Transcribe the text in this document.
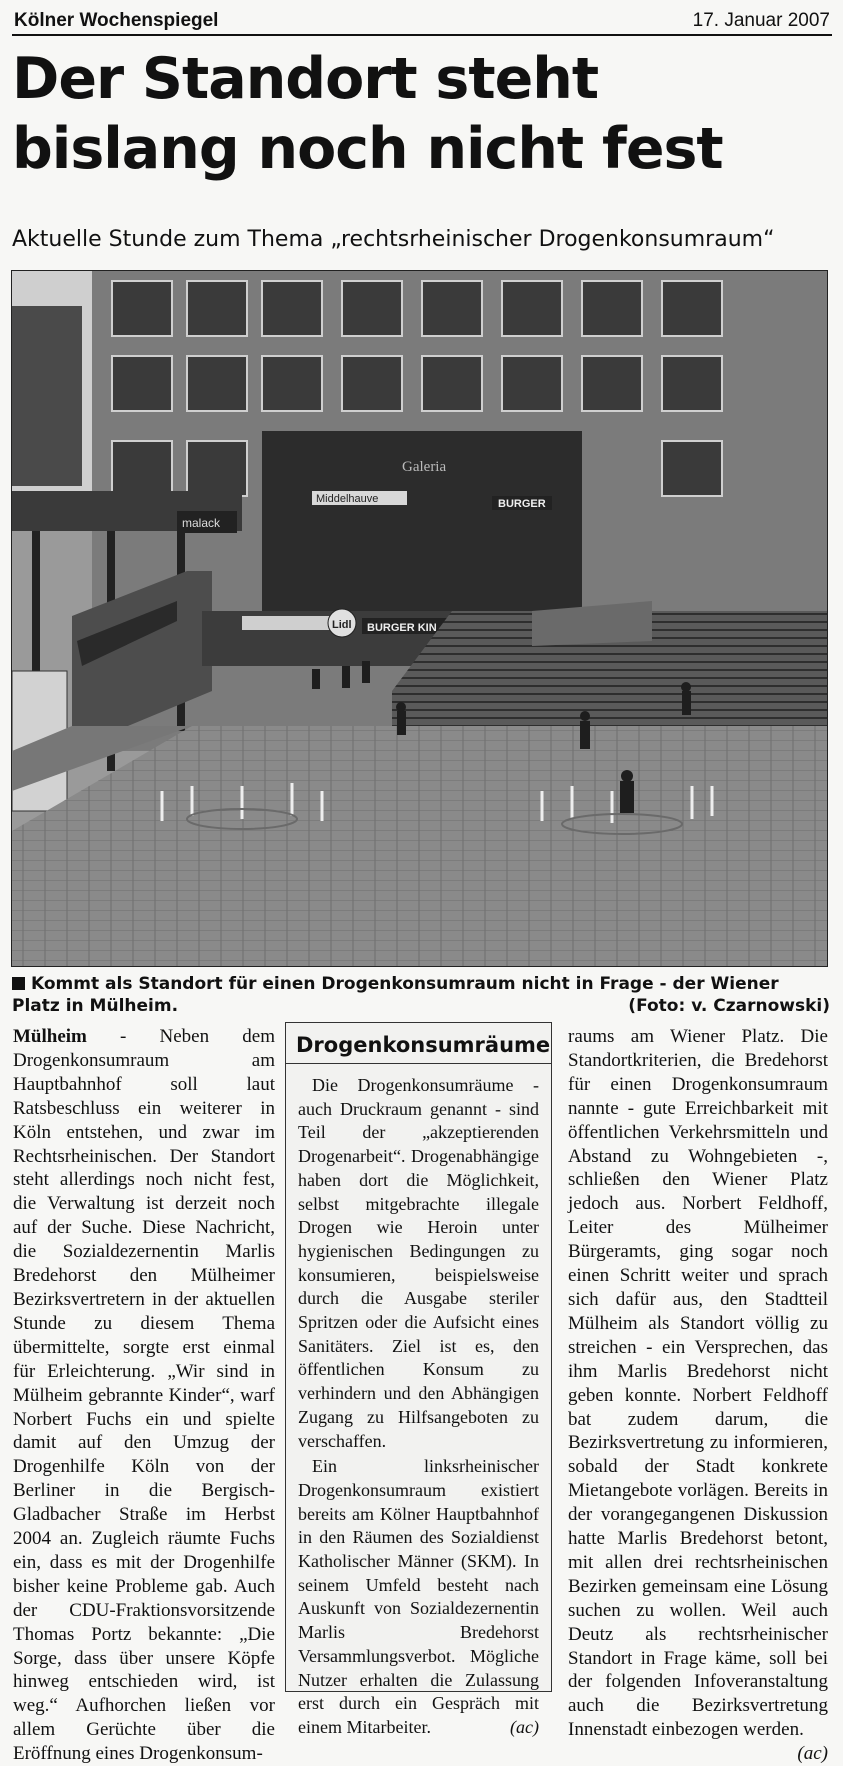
Kölner Wochenspiegel	17. Januar 2007
Der Standort steht
bislang noch nicht fest
Aktuelle Stunde zum Thema „rechtsrheinischer Drogenkonsumraum“
Middelhauve	BURGER
Galeria
malack
Lidl BURGER KIN
Kommt als Standort für einen Drogenkonsumraum nicht in Frage - der Wiener Platz in Mülheim.	(Foto: v. Czarnowski)

Mülheim - Neben dem Drogenkonsumraum am Hauptbahnhof soll laut Ratsbeschluss ein weiterer in Köln entstehen, und zwar im Rechtsrheinischen. Der Standort steht allerdings noch nicht fest, die Verwaltung ist derzeit noch auf der Suche. Diese Nachricht, die Sozialdezernentin Marlis Bredehorst den Mülheimer Bezirksvertretern in der aktuellen Stunde zu diesem Thema übermittelte, sorgte erst einmal für Erleichterung. „Wir sind in Mülheim gebrannte Kinder“, warf Norbert Fuchs ein und spielte damit auf den Umzug der Drogenhilfe Köln von der Berliner in die Bergisch-Gladbacher Straße im Herbst 2004 an. Zugleich räumte Fuchs ein, dass es mit der Drogenhilfe bisher keine Probleme gab. Auch der CDU-Fraktionsvorsitzende Thomas Portz bekannte: „Die Sorge, dass über unsere Köpfe hinweg entschieden wird, ist weg.“ Aufhorchen ließen vor allem Gerüchte über die Eröffnung eines Drogenkonsum-

Drogenkonsumräume

Die Drogenkonsumräume - auch Druckraum genannt - sind Teil der „akzeptierenden Drogenarbeit“. Drogenabhängige haben dort die Möglichkeit, selbst mitgebrachte illegale Drogen wie Heroin unter hygienischen Bedingungen zu konsumieren, beispielsweise durch die Ausgabe steriler Spritzen oder die Aufsicht eines Sanitäters. Ziel ist es, den öffentlichen Konsum zu verhindern und den Abhängigen Zugang zu Hilfsangeboten zu verschaffen.

Ein linksrheinischer Drogenkonsumraum existiert bereits am Kölner Hauptbahnhof in den Räumen des Sozialdienst Katholischer Männer (SKM). In seinem Umfeld besteht nach Auskunft von Sozialdezernentin Marlis Bredehorst Versammlungsverbot. Mögliche Nutzer erhalten die Zulassung erst durch ein Gespräch mit einem Mitarbeiter.	(ac)

raums am Wiener Platz. Die Standortkriterien, die Bredehorst für einen Drogenkonsumraum nannte - gute Erreichbarkeit mit öffentlichen Verkehrsmitteln und Abstand zu Wohngebieten -, schließen den Wiener Platz jedoch aus. Norbert Feldhoff, Leiter des Mülheimer Bürgeramts, ging sogar noch einen Schritt weiter und sprach sich dafür aus, den Stadtteil Mülheim als Standort völlig zu streichen - ein Versprechen, das ihm Marlis Bredehorst nicht geben konnte. Norbert Feldhoff bat zudem darum, die Bezirksvertretung zu informieren, sobald der Stadt konkrete Mietangebote vorlägen. Bereits in der vorangegangenen Diskussion hatte Marlis Bredehorst betont, mit allen drei rechtsrheinischen Bezirken gemeinsam eine Lösung suchen zu wollen. Weil auch Deutz als rechtsrheinischer Standort in Frage käme, soll bei der folgenden Infoveranstaltung auch die Bezirksvertretung Innenstadt einbezogen werden.
(ac)
